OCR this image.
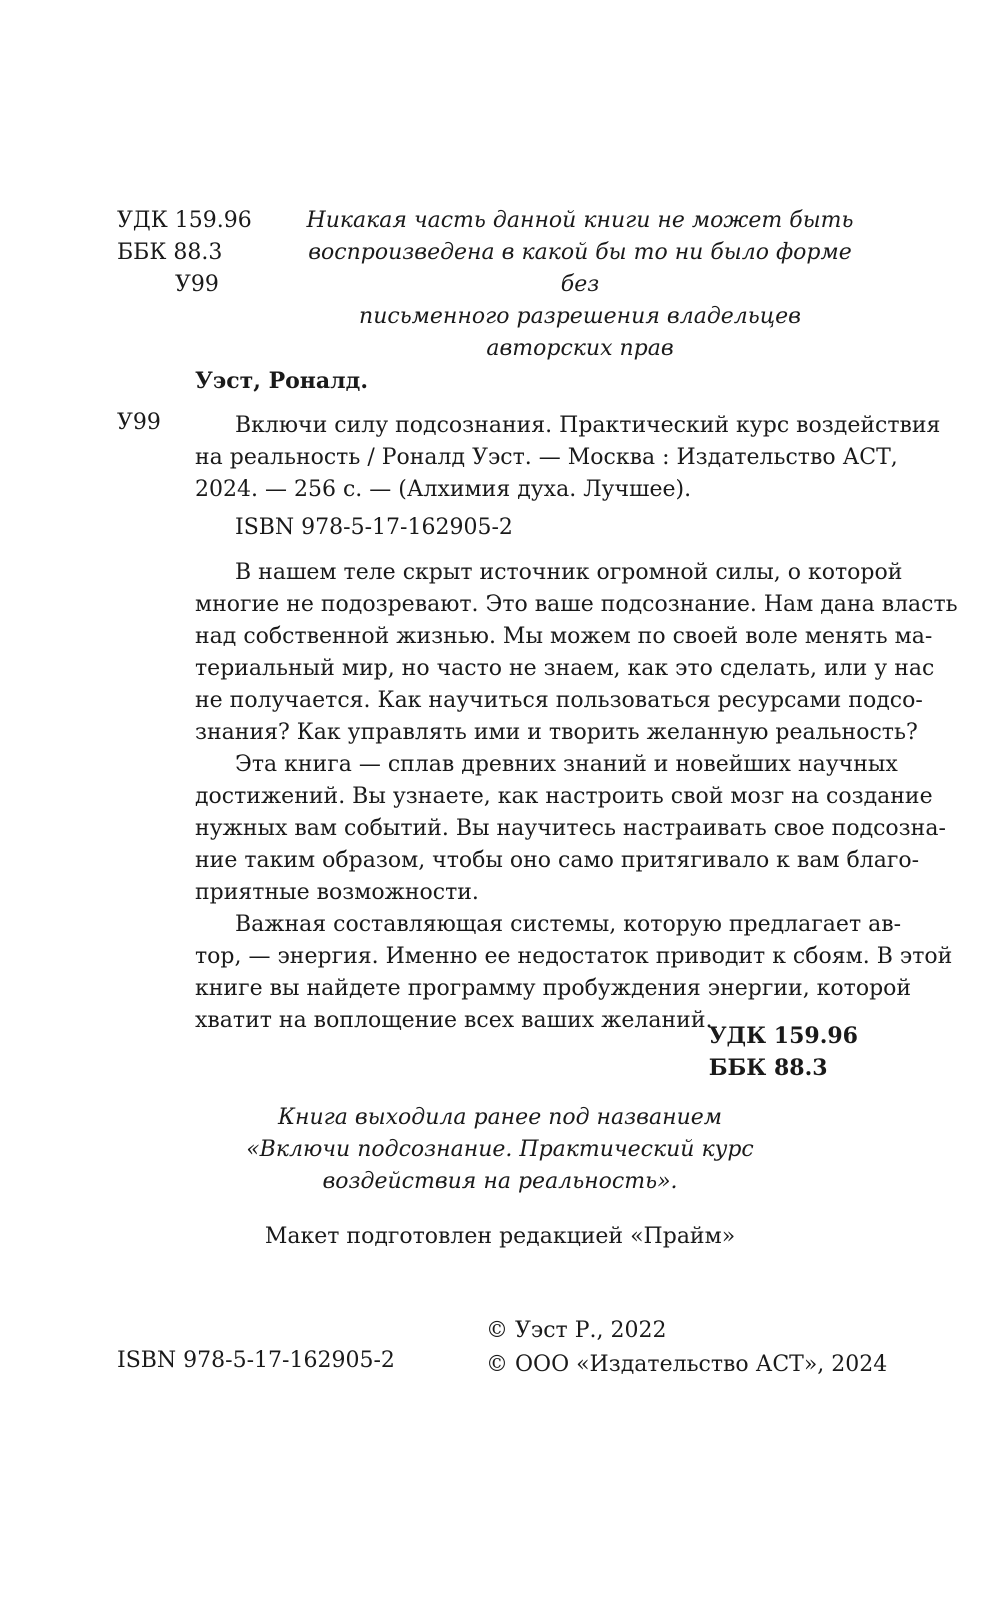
УДК 159.96
ББК 88.3
У99
Никакая часть данной книги не может быть
воспроизведена в какой бы то ни было форме без
письменного разрешения владельцев авторских прав
Уэст, Роналд.
У99	Включи силу подсознания. Практический курс воздействия
на реальность / Роналд Уэст. — Москва : Издательство АСТ,
2024. — 256 с. — (Алхимия духа. Лучшее).
ISBN 978-5-17-162905-2
В нашем теле скрыт источник огромной силы, о которой
многие не подозревают. Это ваше подсознание. Нам дана власть
над собственной жизнью. Мы можем по своей воле менять ма-
териальный мир, но часто не знаем, как это сделать, или у нас
не получается. Как научиться пользоваться ресурсами подсо-
знания? Как управлять ими и творить желанную реальность?
Эта книга — сплав древних знаний и новейших научных
достижений. Вы узнаете, как настроить свой мозг на создание
нужных вам событий. Вы научитесь настраивать свое подсозна-
ние таким образом, чтобы оно само притягивало к вам благо-
приятные возможности.
Важная составляющая системы, которую предлагает ав-
тор, — энергия. Именно ее недостаток приводит к сбоям. В этой
книге вы найдете программу пробуждения энергии, которой
хватит на воплощение всех ваших желаний.
УДК 159.96
ББК 88.3
Книга выходила ранее под названием
«Включи подсознание. Практический курс
воздействия на реальность».
Макет подготовлен редакцией «Прайм»
© Уэст Р., 2022
© ООО «Издательство АСТ», 2024
ISBN 978-5-17-162905-2
